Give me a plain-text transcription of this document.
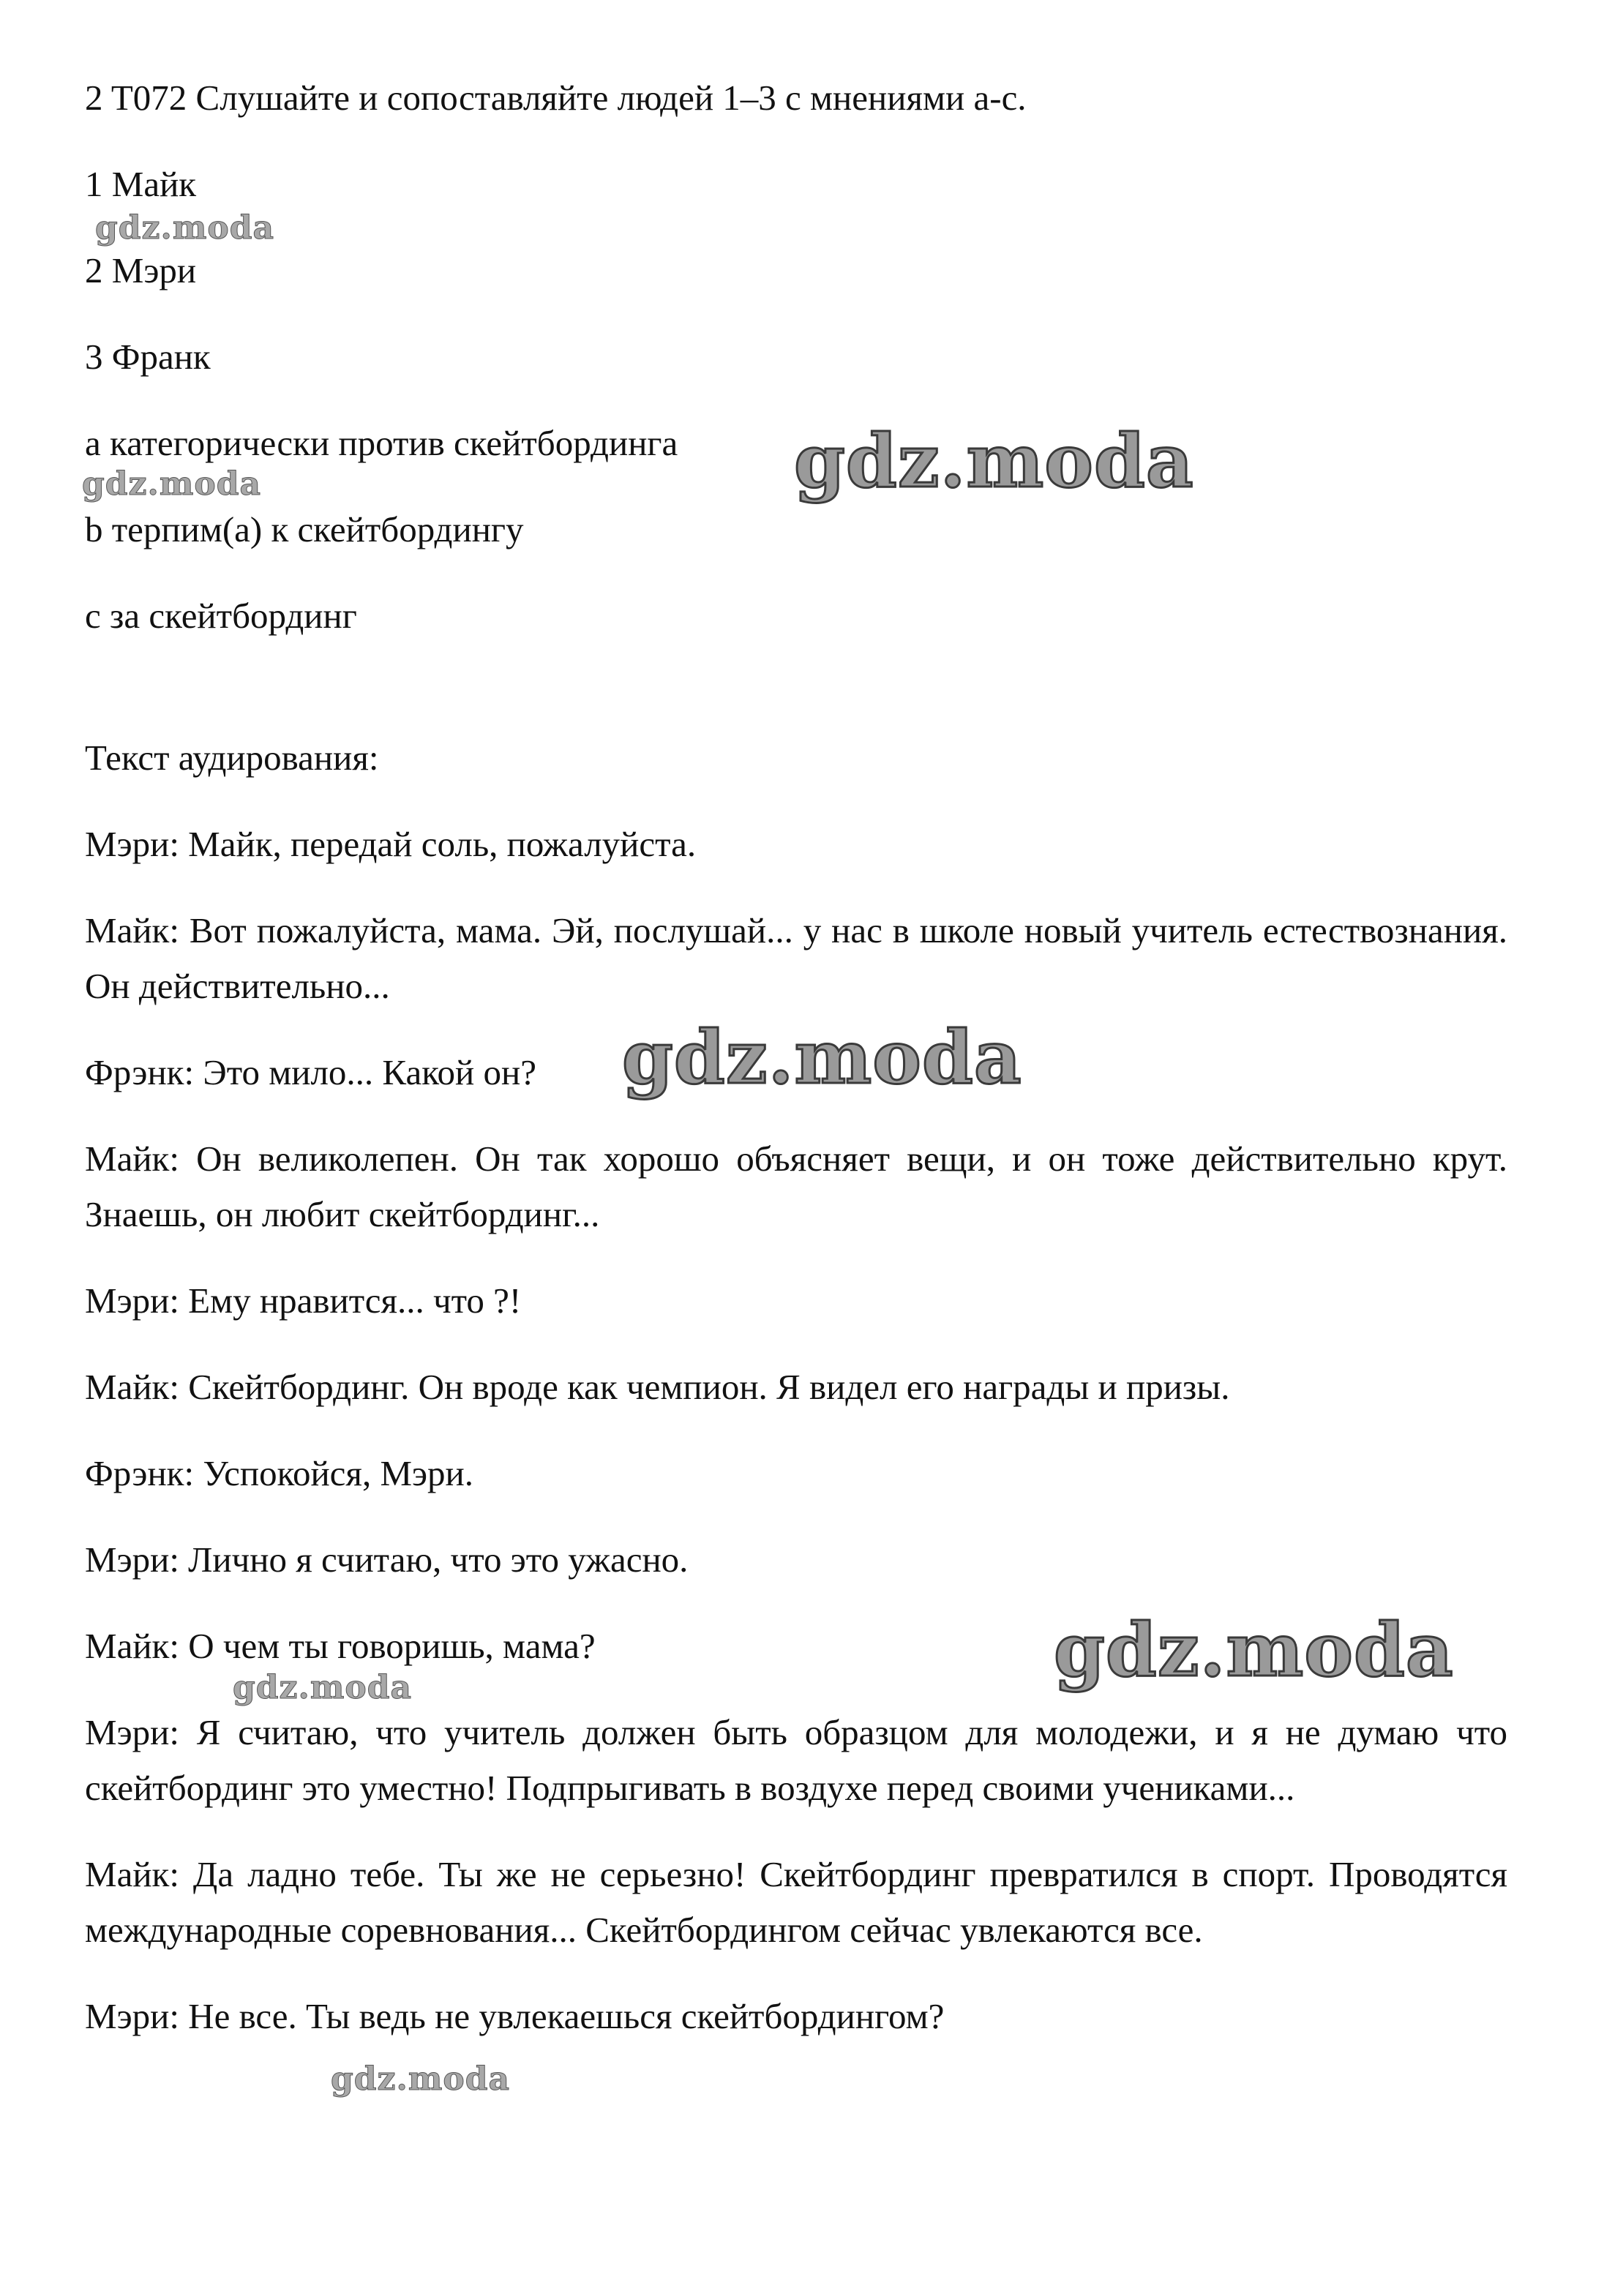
2 T072 Слушайте и сопоставляйте людей 1–3 с мнениями a-c.

1 Майк

2 Мэри

3 Франк

a категорически против скейтбординга

b терпим(а) к скейтбордингу

c за скейтбординг

Текст аудирования:

Мэри: Майк, передай соль, пожалуйста.

Майк: Вот пожалуйста, мама. Эй, послушай... у нас в школе новый учитель естествознания. Он действительно...

Фрэнк: Это мило... Какой он?

Майк: Он великолепен. Он так хорошо объясняет вещи, и он тоже действительно крут. Знаешь, он любит скейтбординг...

Мэри: Ему нравится... что ?!

Майк: Скейтбординг. Он вроде как чемпион. Я видел его награды и призы.

Фрэнк: Успокойся, Мэри.

Мэри: Лично я считаю, что это ужасно.

Майк: О чем ты говоришь, мама?

Мэри: Я считаю, что учитель должен быть образцом для молодежи, и я не думаю что скейтбординг это уместно! Подпрыгивать в воздухе перед своими учениками...

Майк: Да ладно тебе. Ты же не серьезно! Скейтбординг превратился в спорт. Проводятся международные соревнования... Скейтбордингом сейчас увлекаются все.

Мэри: Не все. Ты ведь не увлекаешься скейтбордингом?

gdz.moda
gdz.moda	gdz.moda
gdz.moda
gdz.moda
gdz.moda
gdz.moda
